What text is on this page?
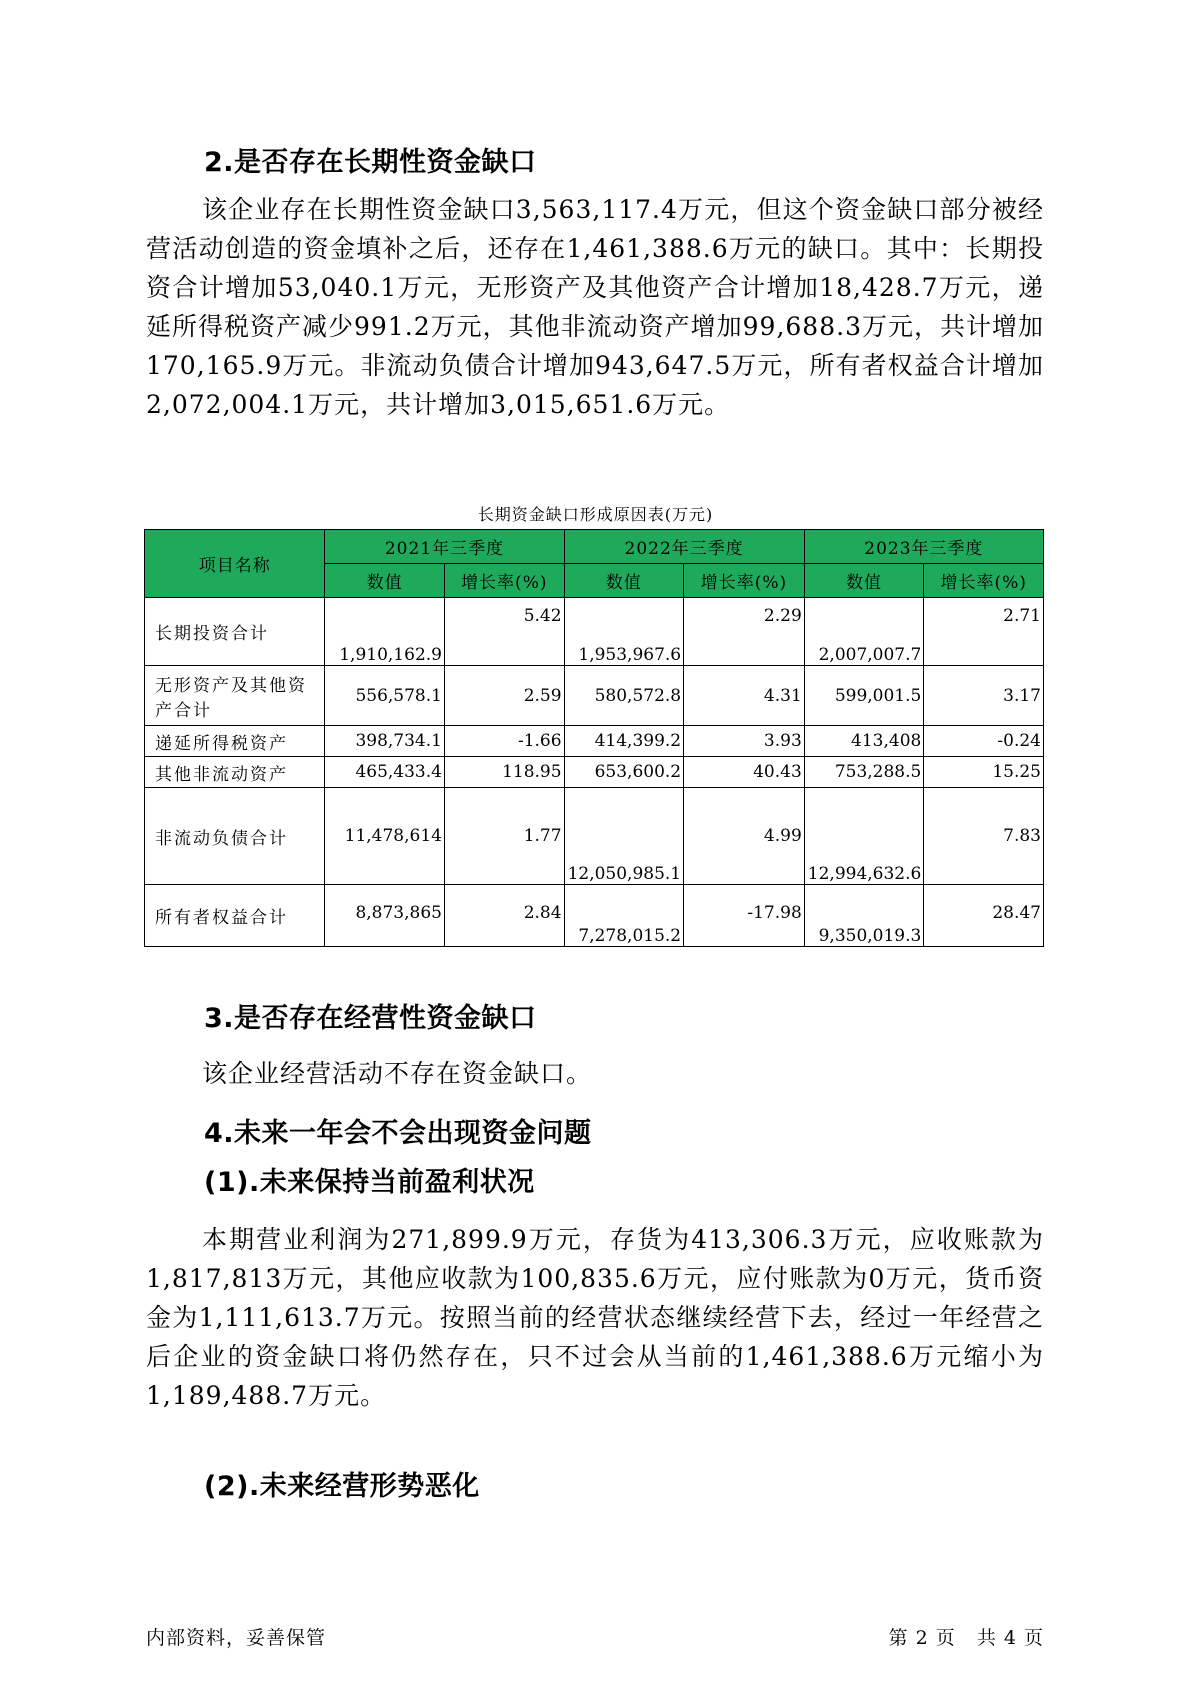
2.是否存在长期性资金缺口

该企业存在长期性资金缺口3,563,117.4万元，但这个资金缺口部分被经营活动创造的资金填补之后，还存在1,461,388.6万元的缺口。其中：长期投资合计增加53,040.1万元，无形资产及其他资产合计增加18,428.7万元，递延所得税资产减少991.2万元，其他非流动资产增加99,688.3万元，共计增加170,165.9万元。非流动负债合计增加943,647.5万元，所有者权益合计增加2,072,004.1万元，共计增加3,015,651.6万元。

长期资金缺口形成原因表(万元)
项目名称	2021年三季度		2022年三季度		2023年三季度	
	数值	增长率(%)	数值	增长率(%)	数值	增长率(%)
长期投资合计	1,910,162.9	5.42	1,953,967.6	2.29	2,007,007.7	2.71
无形资产及其他资产合计	556,578.1	2.59	580,572.8	4.31	599,001.5	3.17
递延所得税资产	398,734.1	-1.66	414,399.2	3.93	413,408	-0.24
其他非流动资产	465,433.4	118.95	653,600.2	40.43	753,288.5	15.25
非流动负债合计	11,478,614	1.77	12,050,985.1	4.99	12,994,632.6	7.83
所有者权益合计	8,873,865	2.84	7,278,015.2	-17.98	9,350,019.3	28.47
3.是否存在经营性资金缺口

该企业经营活动不存在资金缺口。

4.未来一年会不会出现资金问题
(1).未来保持当前盈利状况

本期营业利润为271,899.9万元，存货为413,306.3万元，应收账款为1,817,813万元，其他应收款为100,835.6万元，应付账款为0万元，货币资金为1,111,613.7万元。按照当前的经营状态继续经营下去，经过一年经营之后企业的资金缺口将仍然存在，只不过会从当前的1,461,388.6万元缩小为1,189,488.7万元。

(2).未来经营形势恶化
内部资料，妥善保管	第 2 页   共 4 页
